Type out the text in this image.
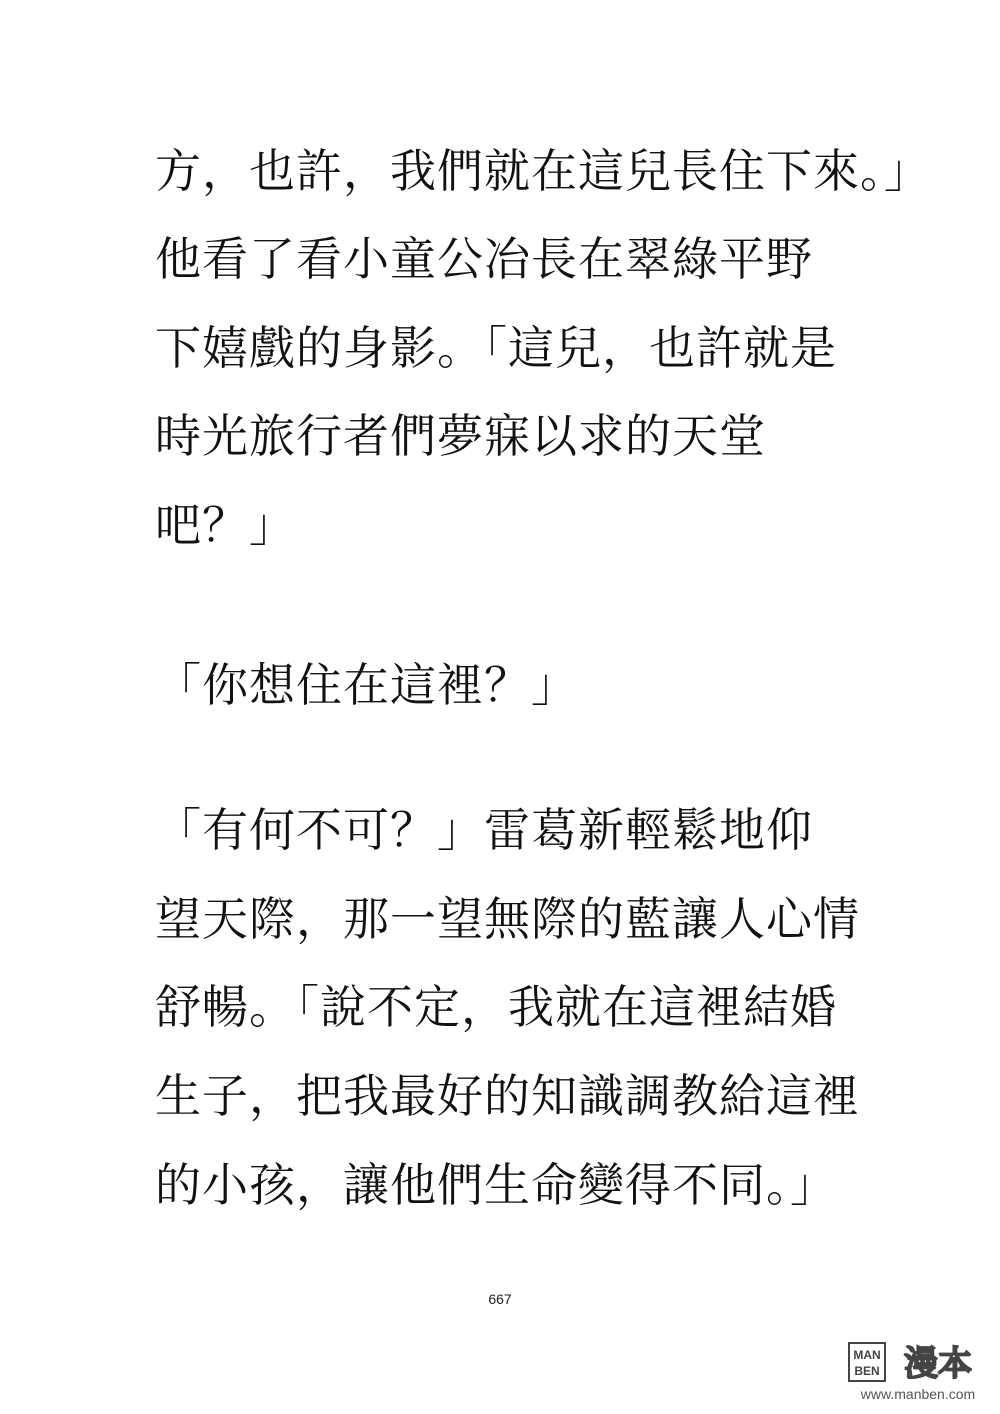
方，也許，我們就在這兒長住下來。」
他看了看小童公冶長在翠綠平野
下嬉戲的身影。「這兒，也許就是
時光旅行者們夢寐以求的天堂
吧？」
「你想住在這裡？」
「有何不可？」雷葛新輕鬆地仰
望天際，那一望無際的藍讓人心情
舒暢。「說不定，我就在這裡結婚
生子，把我最好的知識調教給這裡
的小孩，讓他們生命變得不同。」
667
MAN
BEN 漫本
www.manben.com
